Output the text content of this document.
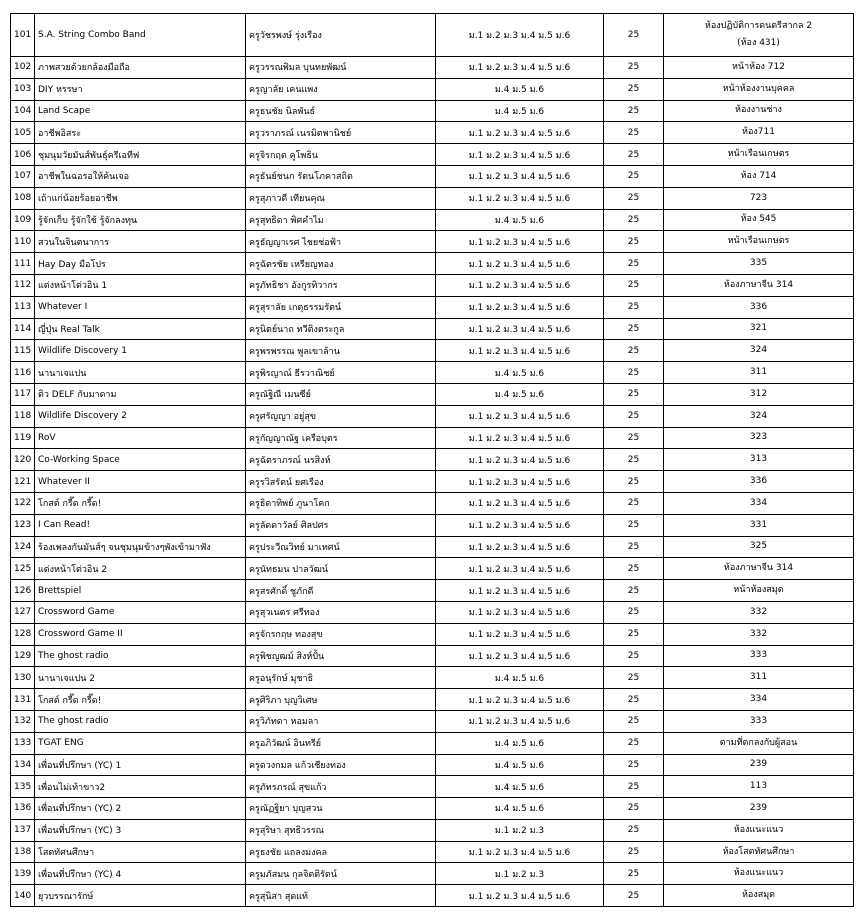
101	S.A. String Combo Band	ครูวัชรพงษ์ รุ่งเรือง	ม.1 ม.2 ม.3 ม.4 ม.5 ม.6	25	ห้องปฏิบัติการดนตรีสากล 2
(ห้อง 431)

102	ภาพสวยด้วยกล้องมือถือ	ครูวรรณพิมล บุนทยพัฒน์	ม.1 ม.2 ม.3 ม.4 ม.5 ม.6	25	หน้าห้อง 712
103	DIY หรรษา	ครูญาลัย เคนแพง	ม.4 ม.5 ม.6	25	หน้าห้องงานบุคคล
104	Land Scape	ครูธนชัย นิลพันธ์	ม.4 ม.5 ม.6	25	ห้องงานช่าง
105	อาชีพอิสระ	ครูวราภรณ์ เนรมิตพานิชย์	ม.1 ม.2 ม.3 ม.4 ม.5 ม.6	25	ห้อง711
106	ชุมนุมวัยมันส์พันธุ์ครีเอทีฟ	ครูจิรกฤต คูโพธิน	ม.1 ม.2 ม.3 ม.4 ม.5 ม.6	25	หน้าเรือนเกษตร
107	อาชีพในฉอรอให้ค้นเจอ	ครูธันย์ชนก รัตนโภคาสถิต	ม.1 ม.2 ม.3 ม.4 ม.5 ม.6	25	ห้อง 714
108	เถ้าแก่น้อยร้อยอาชีพ	ครูสุภาวดี เทียนคุณ	ม.1 ม.2 ม.3 ม.4 ม.5 ม.6	25	723
109	รู้จักเก็บ รู้จักใช้ รู้จักลงทุน	ครูสุทธิดา พิศคำไม	ม.4 ม.5 ม.6	25	ห้อง 545
110	สวนในจินตนาการ	ครูธัญญาเรศ ไชยช่อฟ้า	ม.1 ม.2 ม.3 ม.4 ม.5 ม.6	25	หน้าเรือนเกษตร
111	Hay Day มือโปร	ครูฉัตรชัย เหรียญทอง	ม.1 ม.2 ม.3 ม.4 ม.5 ม.6	25	335
112	แต่งหน้าโต่วอิน 1	ครูภัทธิชา อังกูรทิวากร	ม.1 ม.2 ม.3 ม.4 ม.5 ม.6	25	ห้องภาษาจีน 314
113	Whatever I	ครูสุราลัย เกตุธรรมรัตน์	ม.1 ม.2 ม.3 ม.4 ม.5 ม.6	25	336
114	ญี่ปุ่น Real Talk	ครูนิตย์นาถ ทวีติงตระกูล	ม.1 ม.2 ม.3 ม.4 ม.5 ม.6	25	321
115	Wildlife Discovery 1	ครูพรพรรณ พูลเขาล้าน	ม.1 ม.2 ม.3 ม.4 ม.5 ม.6	25	324
116	นานาเจแปน	ครูพิรญาณ์ ธีรวาณิชย์	ม.4 ม.5 ม.6	25	311
117	ติว DELF กับมาดาม	ครูณัฐิณี เมนซีย์	ม.4 ม.5 ม.6	25	312
118	Wildlife Discovery 2	ครูศรัญญา อยู่สุข	ม.1 ม.2 ม.3 ม.4 ม.5 ม.6	25	324
119	RoV	ครูกัญญาณัฐ เครือบุตร	ม.1 ม.2 ม.3 ม.4 ม.5 ม.6	25	323
120	Co-Working Space	ครูฉัตราภรณ์ นรสิงห์	ม.1 ม.2 ม.3 ม.4 ม.5 ม.6	25	313
121	Whatever II	ครูรวิสรัตน์ ยศเรือง	ม.1 ม.2 ม.3 ม.4 ม.5 ม.6	25	336
122	โกสต์ กรี๊ด กรี๊ด!	ครูธิดาทิพย์ ภูนาโคก	ม.1 ม.2 ม.3 ม.4 ม.5 ม.6	25	334
123	I Can Read!	ครูลัดดาวัลย์ ศิลปศร	ม.1 ม.2 ม.3 ม.4 ม.5 ม.6	25	331
124	ร้องเพลงกันมันส์ๆ จนชุมนุมข้างๆพังเข้ามาฟัง	ครูประวีณวิทย์ มาเทศน์	ม.1 ม.2 ม.3 ม.4 ม.5 ม.6	25	325
125	แต่งหน้าโต่วอิน 2	ครูนัทธมน ปาลวัฒน์	ม.1 ม.2 ม.3 ม.4 ม.5 ม.6	25	ห้องภาษาจีน 314
126	Brettspiel	ครูสรศักดิ์ ชูภักดี	ม.1 ม.2 ม.3 ม.4 ม.5 ม.6	25	หน้าห้องสมุด
127	Crossword Game	ครูสุวเนตร ศรีทอง	ม.1 ม.2 ม.3 ม.4 ม.5 ม.6	25	332
128	Crossword Game II	ครูจักรกฤษ ทองสุข	ม.1 ม.2 ม.3 ม.4 ม.5 ม.6	25	332
129	The ghost radio	ครูพิชญฒม์ สิงห์ปั้น	ม.1 ม.2 ม.3 ม.4 ม.5 ม.6	25	333
130	นานาเจแปน 2	ครูอนุรักษ์ มุชาธิ	ม.4 ม.5 ม.6	25	311
131	โกสต์ กรี๊ด กรี๊ด!	ครูศิริภา บุญวิเศษ	ม.1 ม.2 ม.3 ม.4 ม.5 ม.6	25	334
132	The ghost radio	ครูวิภัทดา หอมลา	ม.1 ม.2 ม.3 ม.4 ม.5 ม.6	25	333
133	TGAT ENG	ครูอภิวัฒน์ อินทรีย์	ม.4 ม.5 ม.6	25	ตามที่ตกลงกับผู้สอน
134	เพื่อนที่ปรึกษา (YC) 1	ครูดวงกมล แก้วเชียงทอง	ม.4 ม.5 ม.6	25	239
135	เพื่อนไม่เท้าขาว2	ครูภัทรภรณ์ สุขแก้ว	ม.4 ม.5 ม.6	25	113
136	เพื่อนที่ปรึกษา (YC) 2	ครูณัฏฐิยา บุญสวน	ม.4 ม.5 ม.6	25	239
137	เพื่อนที่ปรึกษา (YC) 3	ครูสุริษา สุทธิวรรณ	ม.1 ม.2 ม.3	25	ห้องแนะแนว
138	โสตทัศนศึกษา	ครูธงชัย แถลงมงคล	ม.1 ม.2 ม.3 ม.4 ม.5 ม.6	25	ห้องโสตทัศนศึกษา
139	เพื่อนที่ปรึกษา (YC) 4	ครูมภัสมน กุลจิตติรัตน์	ม.1 ม.2 ม.3	25	ห้องแนะแนว
140	ยุวบรรณารักษ์	ครูสุนิสา สุดแท้	ม.1 ม.2 ม.3 ม.4 ม.5 ม.6	25	ห้องสมุด
